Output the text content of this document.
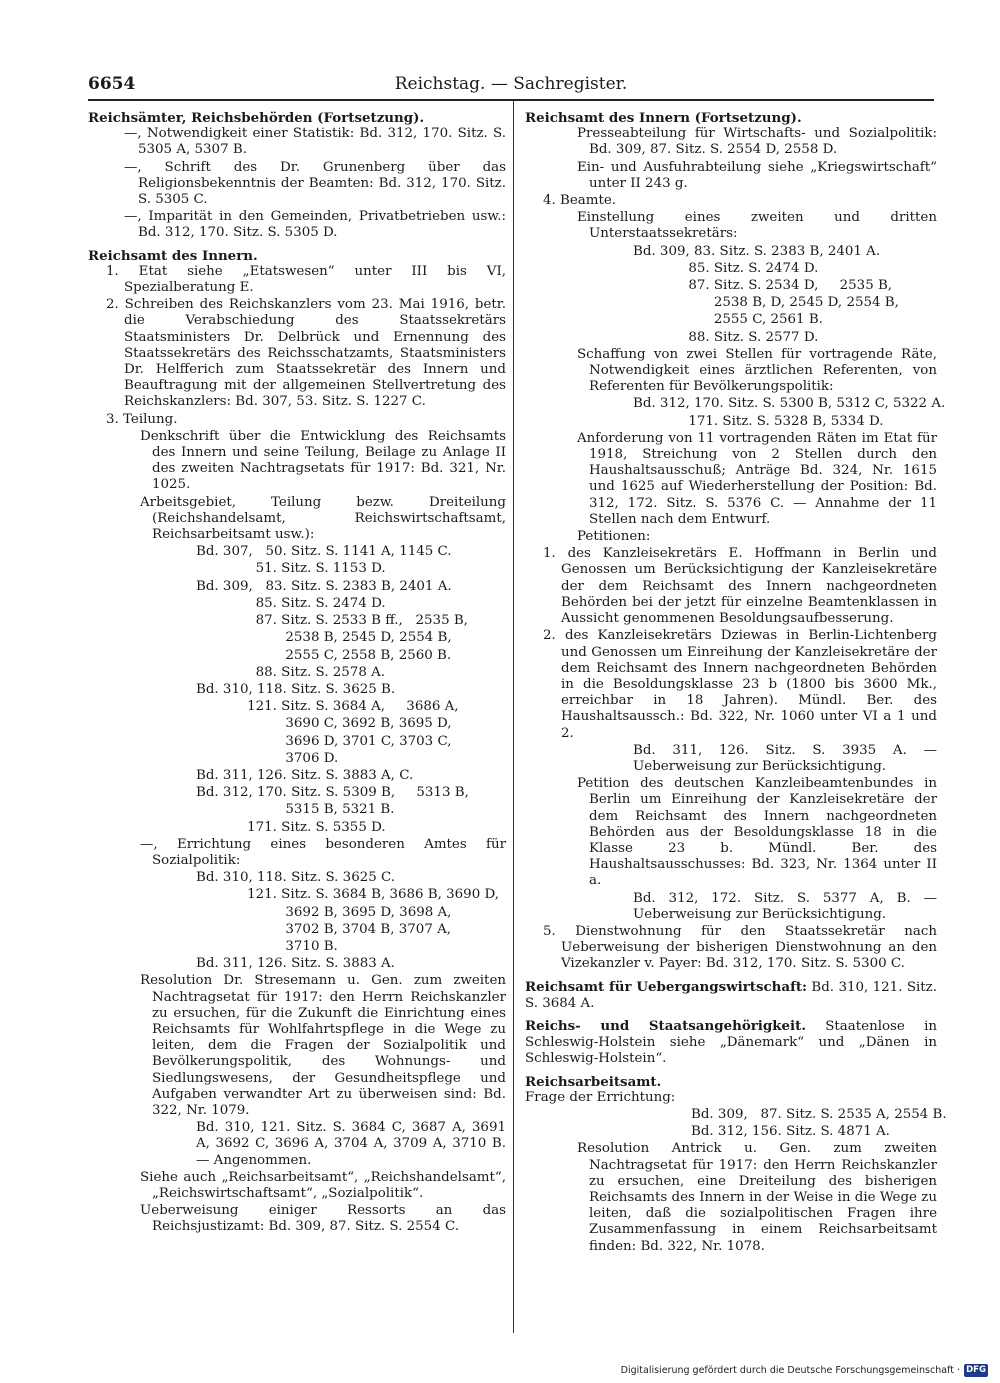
6654	Reichstag. — Sachregister.

Reichsämter, Reichsbehörden (Fortsetzung).

—, Notwendigkeit einer Statistik: Bd. 312, 170. Sitz. S. 5305 A, 5307 B.

—, Schrift des Dr. Grunenberg über das Religionsbekenntnis der Beamten: Bd. 312, 170. Sitz. S. 5305 C.

—, Imparität in den Gemeinden, Privatbetrieben usw.: Bd. 312, 170. Sitz. S. 5305 D.

Reichsamt des Innern.

1. Etat siehe „Etatswesen“ unter III bis VI, Spezialberatung E.

2. Schreiben des Reichskanzlers vom 23. Mai 1916, betr. die Verabschiedung des Staatssekretärs Staatsministers Dr. Delbrück und Ernennung des Staatssekretärs des Reichsschatzamts, Staatsministers Dr. Helfferich zum Staatssekretär des Innern und Beauftragung mit der allgemeinen Stellvertretung des Reichskanzlers: Bd. 307, 53. Sitz. S. 1227 C.

3. Teilung.

Denkschrift über die Entwicklung des Reichsamts des Innern und seine Teilung, Beilage zu Anlage II des zweiten Nachtragsetats für 1917: Bd. 321, Nr. 1025.

Arbeitsgebiet, Teilung bezw. Dreiteilung (Reichshandelsamt, Reichswirtschaftsamt, Reichsarbeitsamt usw.):

Bd. 307,   50. Sitz. S. 1141 A, 1145 C.

51. Sitz. S. 1153 D.

Bd. 309,   83. Sitz. S. 2383 B, 2401 A.

85. Sitz. S. 2474 D.

87. Sitz. S. 2533 B ff.,   2535 B,

2538 B, 2545 D, 2554 B,

2555 C, 2558 B, 2560 B.

88. Sitz. S. 2578 A.

Bd. 310, 118. Sitz. S. 3625 B.

121. Sitz. S. 3684 A,     3686 A,

3690 C, 3692 B, 3695 D,

3696 D, 3701 C, 3703 C,

3706 D.

Bd. 311, 126. Sitz. S. 3883 A, C.

Bd. 312, 170. Sitz. S. 5309 B,     5313 B,

5315 B, 5321 B.

171. Sitz. S. 5355 D.

—, Errichtung eines besonderen Amtes für Sozialpolitik:

Bd. 310, 118. Sitz. S. 3625 C.

121. Sitz. S. 3684 B, 3686 B, 3690 D,

3692 B, 3695 D, 3698 A,

3702 B, 3704 B, 3707 A,

3710 B.

Bd. 311, 126. Sitz. S. 3883 A.

Resolution Dr. Stresemann u. Gen. zum zweiten Nachtragsetat für 1917: den Herrn Reichskanzler zu ersuchen, für die Zukunft die Einrichtung eines Reichsamts für Wohlfahrtspflege in die Wege zu leiten, dem die Fragen der Sozialpolitik und Bevölkerungspolitik, des Wohnungs- und Siedlungswesens, der Gesundheitspflege und Aufgaben verwandter Art zu überweisen sind: Bd. 322, Nr. 1079.

Bd. 310, 121. Sitz. S. 3684 C, 3687 A, 3691 A, 3692 C, 3696 A, 3704 A, 3709 A, 3710 B.— Angenommen.

Siehe auch „Reichsarbeitsamt“, „Reichshandelsamt“, „Reichswirtschaftsamt“, „Sozialpolitik“.

Ueberweisung einiger Ressorts an das Reichsjustizamt: Bd. 309, 87. Sitz. S. 2554 C.

Reichsamt des Innern (Fortsetzung).

Presseabteilung für Wirtschafts- und Sozialpolitik: Bd. 309, 87. Sitz. S. 2554 D, 2558 D.

Ein- und Ausfuhrabteilung siehe „Kriegswirtschaft“ unter II 243 g.

4. Beamte.

Einstellung eines zweiten und dritten Unterstaatssekretärs:

Bd. 309, 83. Sitz. S. 2383 B, 2401 A.

85. Sitz. S. 2474 D.

87. Sitz. S. 2534 D,     2535 B,

2538 B, D, 2545 D, 2554 B,

2555 C, 2561 B.

88. Sitz. S. 2577 D.

Schaffung von zwei Stellen für vortragende Räte, Notwendigkeit eines ärztlichen Referenten, von Referenten für Bevölkerungspolitik:

Bd. 312, 170. Sitz. S. 5300 B, 5312 C, 5322 A.

171. Sitz. S. 5328 B, 5334 D.

Anforderung von 11 vortragenden Räten im Etat für 1918, Streichung von 2 Stellen durch den Haushaltsausschuß; Anträge Bd. 324, Nr. 1615 und 1625 auf Wiederherstellung der Position: Bd. 312, 172. Sitz. S. 5376 C. — Annahme der 11 Stellen nach dem Entwurf.

Petitionen:

1. des Kanzleisekretärs E. Hoffmann in Berlin und Genossen um Berücksichtigung der Kanzleisekretäre der dem Reichsamt des Innern nachgeordneten Behörden bei der jetzt für einzelne Beamtenklassen in Aussicht genommenen Besoldungsaufbesserung.

2. des Kanzleisekretärs Dziewas in Berlin-Lichtenberg und Genossen um Einreihung der Kanzleisekretäre der dem Reichsamt des Innern nachgeordneten Behörden in die Besoldungsklasse 23 b (1800 bis 3600 Mk., erreichbar in 18 Jahren). Mündl. Ber. des Haushaltsaussch.: Bd. 322, Nr. 1060 unter VI a 1 und 2.

Bd. 311, 126. Sitz. S. 3935 A. — Ueberweisung zur Berücksichtigung.

Petition des deutschen Kanzleibeamtenbundes in Berlin um Einreihung der Kanzleisekretäre der dem Reichsamt des Innern nachgeordneten Behörden aus der Besoldungsklasse 18 in die Klasse 23 b. Mündl. Ber. des Haushaltsausschusses: Bd. 323, Nr. 1364 unter II a.

Bd. 312, 172. Sitz. S. 5377 A, B. — Ueberweisung zur Berücksichtigung.

5. Dienstwohnung für den Staatssekretär nach Ueberweisung der bisherigen Dienstwohnung an den Vizekanzler v. Payer: Bd. 312, 170. Sitz. S. 5300 C.

Reichsamt für Uebergangswirtschaft: Bd. 310, 121. Sitz. S. 3684 A.

Reichs- und Staatsangehörigkeit. Staatenlose in Schleswig-Holstein siehe „Dänemark“ und „Dänen in Schleswig-Holstein“.

Reichsarbeitsamt.

Frage der Errichtung:

Bd. 309,   87. Sitz. S. 2535 A, 2554 B.

Bd. 312, 156. Sitz. S. 4871 A.

Resolution Antrick u. Gen. zum zweiten Nachtragsetat für 1917: den Herrn Reichskanzler zu ersuchen, eine Dreiteilung des bisherigen Reichsamts des Innern in der Weise in die Wege zu leiten, daß die sozialpolitischen Fragen ihre Zusammenfassung in einem Reichsarbeitsamt finden: Bd. 322, Nr. 1078.

Digitalisierung gefördert durch die Deutsche Forschungsgemeinschaft · DFG
